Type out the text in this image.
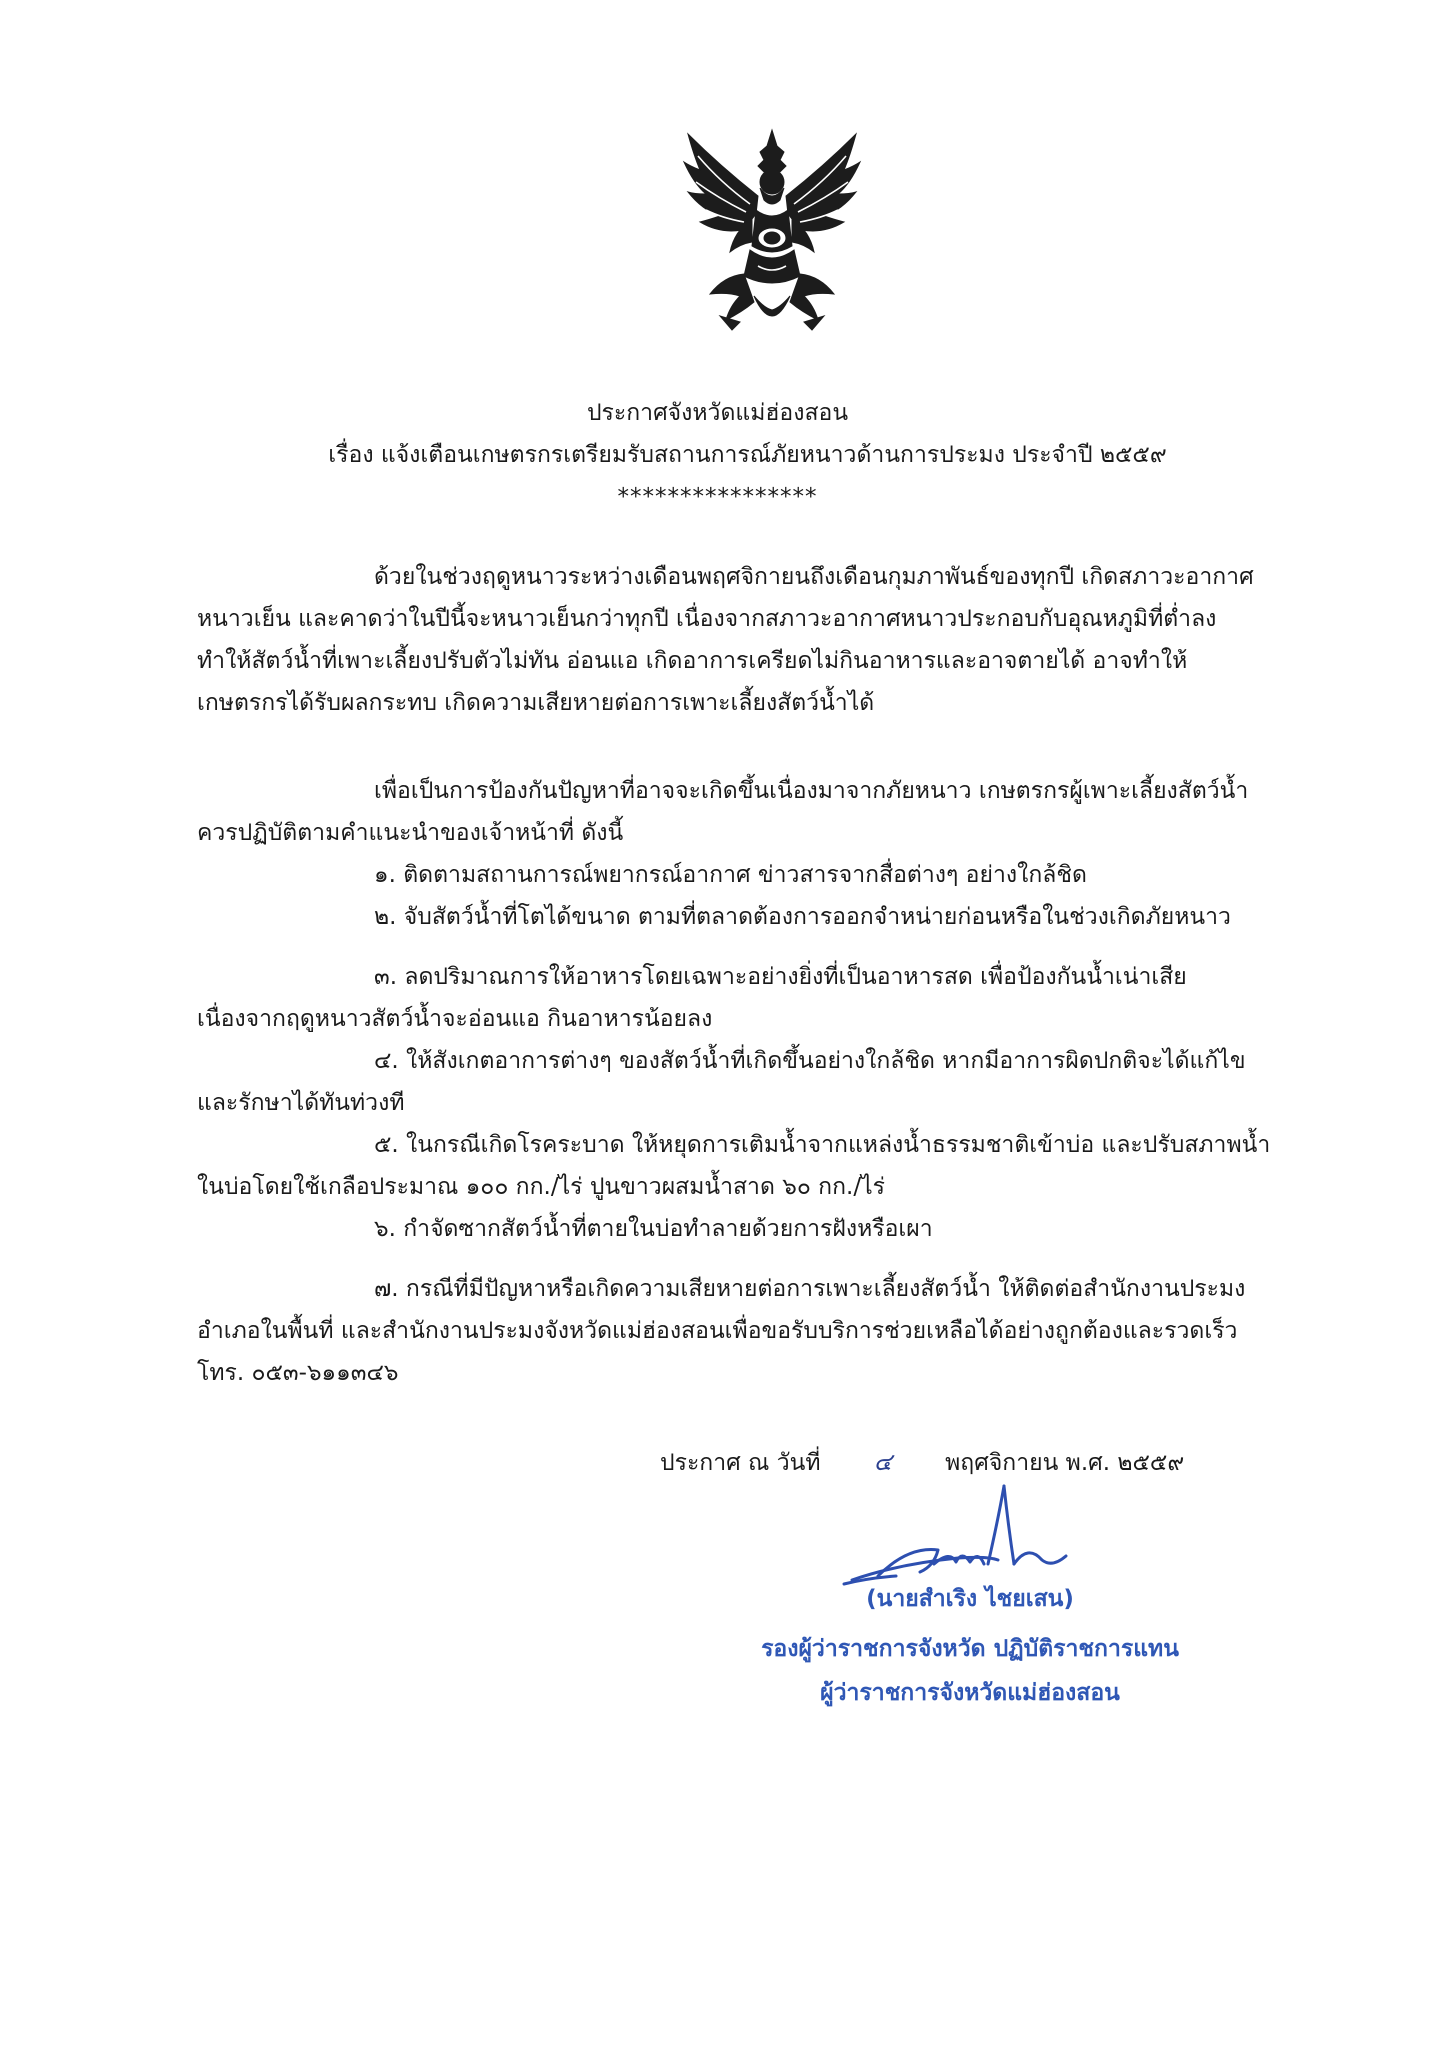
ประกาศจังหวัดแม่ฮ่องสอน
เรื่อง แจ้งเตือนเกษตรกรเตรียมรับสถานการณ์ภัยหนาวด้านการประมง ประจำปี ๒๕๕๙
****************
ด้วยในช่วงฤดูหนาวระหว่างเดือนพฤศจิกายนถึงเดือนกุมภาพันธ์ของทุกปี เกิดสภาวะอากาศ
หนาวเย็น และคาดว่าในปีนี้จะหนาวเย็นกว่าทุกปี เนื่องจากสภาวะอากาศหนาวประกอบกับอุณหภูมิที่ต่ำลง
ทำให้สัตว์น้ำที่เพาะเลี้ยงปรับตัวไม่ทัน อ่อนแอ เกิดอาการเครียดไม่กินอาหารและอาจตายได้ อาจทำให้
เกษตรกรได้รับผลกระทบ เกิดความเสียหายต่อการเพาะเลี้ยงสัตว์น้ำได้
เพื่อเป็นการป้องกันปัญหาที่อาจจะเกิดขึ้นเนื่องมาจากภัยหนาว เกษตรกรผู้เพาะเลี้ยงสัตว์น้ำ
ควรปฏิบัติตามคำแนะนำของเจ้าหน้าที่ ดังนี้
๑. ติดตามสถานการณ์พยากรณ์อากาศ ข่าวสารจากสื่อต่างๆ อย่างใกล้ชิด
๒. จับสัตว์น้ำที่โตได้ขนาด ตามที่ตลาดต้องการออกจำหน่ายก่อนหรือในช่วงเกิดภัยหนาว
๓. ลดปริมาณการให้อาหารโดยเฉพาะอย่างยิ่งที่เป็นอาหารสด เพื่อป้องกันน้ำเน่าเสีย
เนื่องจากฤดูหนาวสัตว์น้ำจะอ่อนแอ กินอาหารน้อยลง
๔. ให้สังเกตอาการต่างๆ ของสัตว์น้ำที่เกิดขึ้นอย่างใกล้ชิด หากมีอาการผิดปกติจะได้แก้ไข
และรักษาได้ทันท่วงที
๕. ในกรณีเกิดโรคระบาด ให้หยุดการเติมน้ำจากแหล่งน้ำธรรมชาติเข้าบ่อ และปรับสภาพน้ำ
ในบ่อโดยใช้เกลือประมาณ ๑๐๐ กก./ไร่ ปูนขาวผสมน้ำสาด ๖๐ กก./ไร่
๖. กำจัดซากสัตว์น้ำที่ตายในบ่อทำลายด้วยการฝังหรือเผา
๗. กรณีที่มีปัญหาหรือเกิดความเสียหายต่อการเพาะเลี้ยงสัตว์น้ำ ให้ติดต่อสำนักงานประมง
อำเภอในพื้นที่ และสำนักงานประมงจังหวัดแม่ฮ่องสอนเพื่อขอรับบริการช่วยเหลือได้อย่างถูกต้องและรวดเร็ว
โทร. ๐๕๓-๖๑๑๓๔๖
ประกาศ ณ วันที่ ๔ พฤศจิกายน พ.ศ. ๒๕๕๙
(นายสำเริง ไชยเสน)
รองผู้ว่าราชการจังหวัด ปฏิบัติราชการแทน
ผู้ว่าราชการจังหวัดแม่ฮ่องสอน
